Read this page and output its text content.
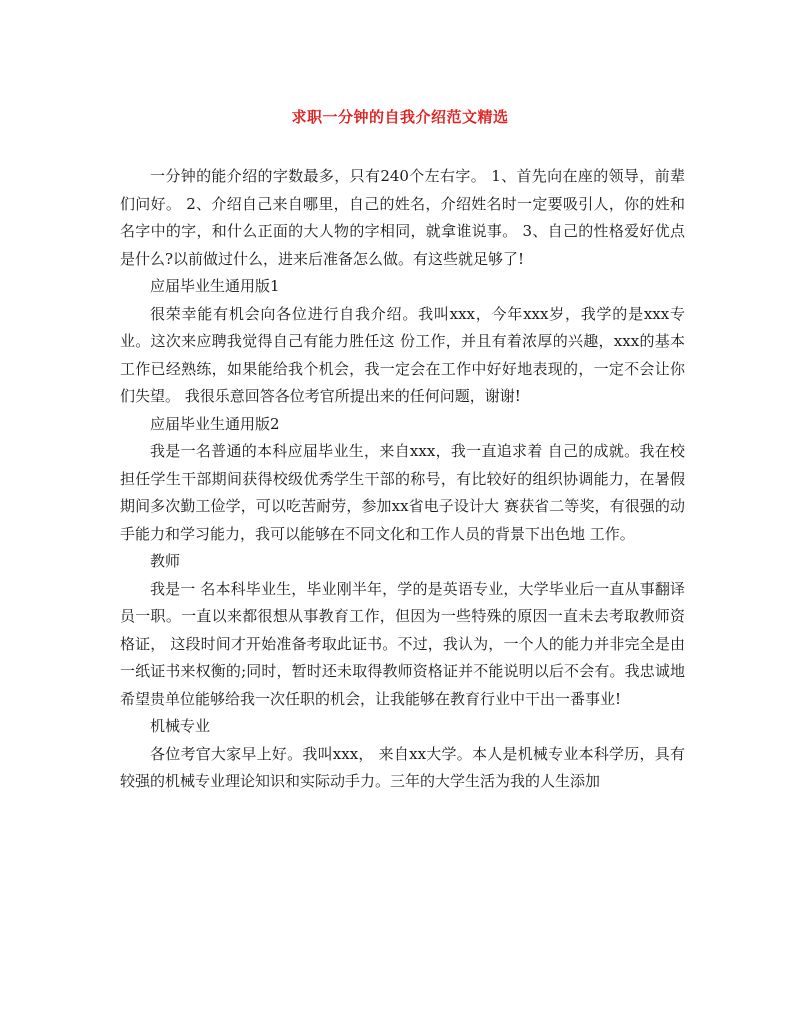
求职一分钟的自我介绍范文精选

一分钟的能介绍的字数最多，只有240个左右字。 1、首先向在座的领导，前辈们问好。 2、介绍自己来自哪里，自己的姓名，介绍姓名时一定要吸引人，你的姓和名字中的字，和什么正面的大人物的字相同，就拿谁说事。 3、自己的性格爱好优点是什么?以前做过什么，进来后准备怎么做。有这些就足够了!

应届毕业生通用版1

很荣幸能有机会向各位进行自我介绍。我叫xxx，今年xxx岁，我学的是xxx专业。这次来应聘我觉得自己有能力胜任这 份工作，并且有着浓厚的兴趣，xxx的基本工作已经熟练，如果能给我个机会，我一定会在工作中好好地表现的，一定不会让你们失望。 我很乐意回答各位考官所提出来的任何问题，谢谢!

应届毕业生通用版2

我是一名普通的本科应届毕业生，来自xxx，我一直追求着 自己的成就。我在校担任学生干部期间获得校级优秀学生干部的称号，有比较好的组织协调能力，在暑假期间多次勤工俭学，可以吃苦耐劳，参加xx省电子设计大 赛获省二等奖，有很强的动手能力和学习能力，我可以能够在不同文化和工作人员的背景下出色地 工作。

教师

我是一 名本科毕业生，毕业刚半年，学的是英语专业，大学毕业后一直从事翻译员一职。一直以来都很想从事教育工作，但因为一些特殊的原因一直未去考取教师资格证， 这段时间才开始准备考取此证书。不过，我认为，一个人的能力并非完全是由一纸证书来权衡的;同时，暂时还未取得教师资格证并不能说明以后不会有。我忠诚地 希望贵单位能够给我一次任职的机会，让我能够在教育行业中干出一番事业!

机械专业

各位考官大家早上好。我叫xxx， 来自xx大学。本人是机械专业本科学历，具有较强的机械专业理论知识和实际动手力。三年的大学生活为我的人生添加
